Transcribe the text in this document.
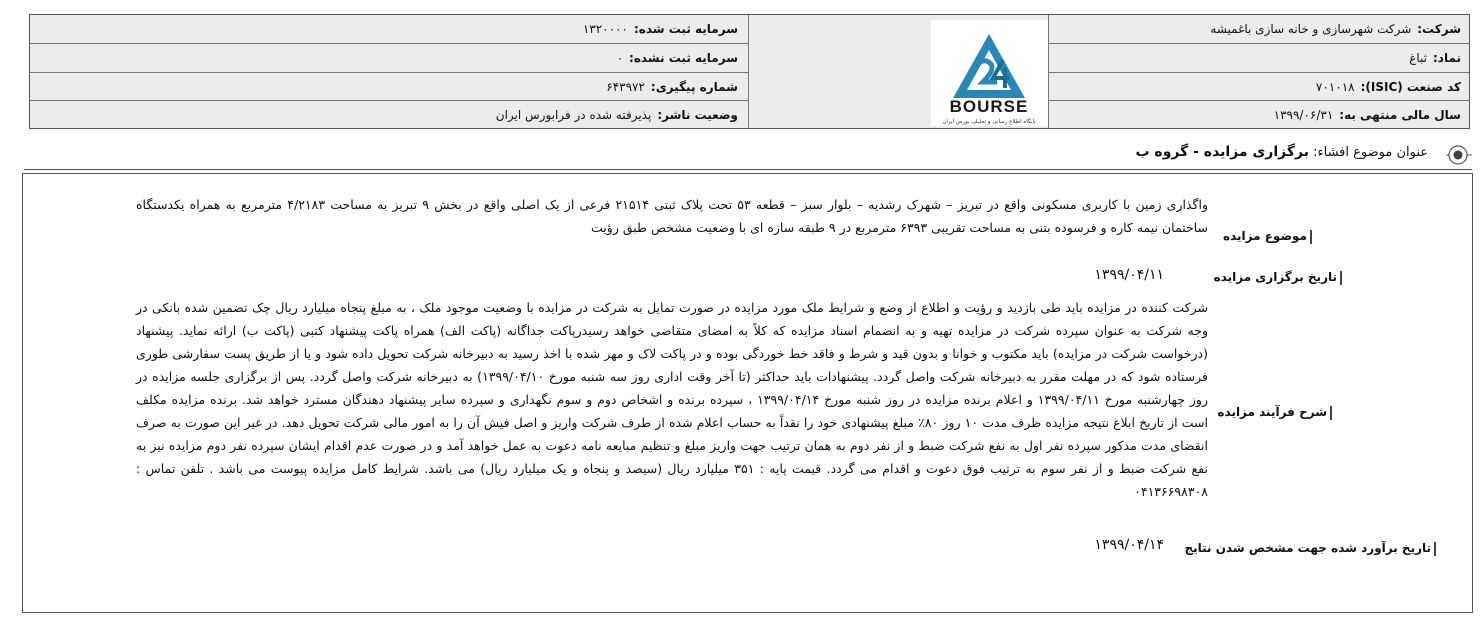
شرکت:
شرکت شهرسازی و خانه سازی باغمیشه
نماد:
ثباغ
کد صنعت (ISIC):
۷۰۱۰۱۸
سال مالی منتهی به:
۱۳۹۹/۰۶/۳۱
سرمایه ثبت شده:
۱۳۲۰۰۰۰
سرمایه ثبت نشده:
۰
شماره پیگیری:
۶۴۳۹۷۲
وضعیت ناشر:
پذیرفته شده در فرابورس ایران	BOURSE
پایگاه اطلاع رسانی و تحلیلی بورس ایران
عنوان موضوع افشاء: برگزاری مزایده - گروه ب
موضوع مزایده
واگذاری زمین با کاربری مسکونی واقع در تبریز – شهرک رشدیه – بلوار سبز – قطعه ۵۳ تحت پلاک ثبتی ۲۱۵۱۴ فرعی از یک اصلی واقع در بخش ۹ تبریز به مساحت ۴/۲۱۸۳ مترمربع به همراه یکدستگاه ساختمان نیمه کاره و فرسوده بتنی به مساحت تقریبی ۶۳۹۳ مترمربع در ۹ طبقه سازه ای با وضعیت مشخص طبق رؤیت
تاریخ برگزاری مزایده
۱۳۹۹/۰۴/۱۱
شرح فرآیند مزایده
شرکت کننده در مزایده باید طی بازدید و رؤیت و اطلاع از وضع و شرایط ملک مورد مزایده در صورت تمایل به شرکت در مزایده با وضعیت موجود ملک ، به مبلغ پنجاه میلیارد ریال چک تضمین شده بانکی در وجه شرکت به عنوان سپرده شرکت در مزایده تهیه و به انضمام اسناد مزایده که کلاً به امضای متقاضی خواهد رسیدرپاکت جداگانه (پاکت الف) همراه پاکت پیشنهاد کتبی (پاکت ب) ارائه نماید. پیشنهاد (درخواست شرکت در مزایده) باید مکتوب و خوانا و بدون قید و شرط و فاقد خط خوردگی بوده و در پاکت لاک و مهر شده با اخذ رسید به دبیرخانه شرکت تحویل داده شود و یا از طریق پست سفارشی طوری فرستاده شود که در مهلت مقرر به دبیرخانه شرکت واصل گردد. پیشنهادات باید حداکثر (تا آخر وقت اداری روز سه شنبه مورخ ۱۳۹۹/۰۴/۱۰) به دبیرخانه شرکت واصل گردد. پس از برگزاری جلسه مزایده در روز چهارشنبه مورخ ۱۳۹۹/۰۴/۱۱ و اعلام برنده مزایده در روز شنبه مورخ ۱۳۹۹/۰۴/۱۴ ، سپرده برنده و اشخاص دوم و سوم نگهداری و سپرده سایر پیشنهاد دهندگان مسترد خواهد شد. برنده مزایده مکلف است از تاریخ ابلاغ نتیجه مزایده ظرف مدت ۱۰ روز ۸۰٪ مبلغ پیشنهادی خود را نقداً به حساب اعلام شده از طرف شرکت واریز و اصل فیش آن را به امور مالی شرکت تحویل دهد. در غیر این صورت به صرف انقضای مدت مذکور سپرده نفر اول به نفع شرکت ضبط و از نفر دوم به همان ترتیب جهت واریز مبلغ و تنظیم مبایعه نامه دعوت به عمل خواهد آمد و در صورت عدم اقدام ایشان سپرده نفر دوم مزایده نیز به نفع شرکت ضبط و از نفر سوم به ترتیب فوق دعوت و اقدام می گردد. قیمت پایه : ۳۵۱ میلیارد ریال (سیصد و پنجاه و یک میلیارد ریال) می باشد. شرایط کامل مزایده پیوست می باشد . تلفن تماس : ۰۴۱۳۶۶۹۸۳۰۸
تاریخ برآورد شده جهت مشخص شدن نتایج
۱۳۹۹/۰۴/۱۴
